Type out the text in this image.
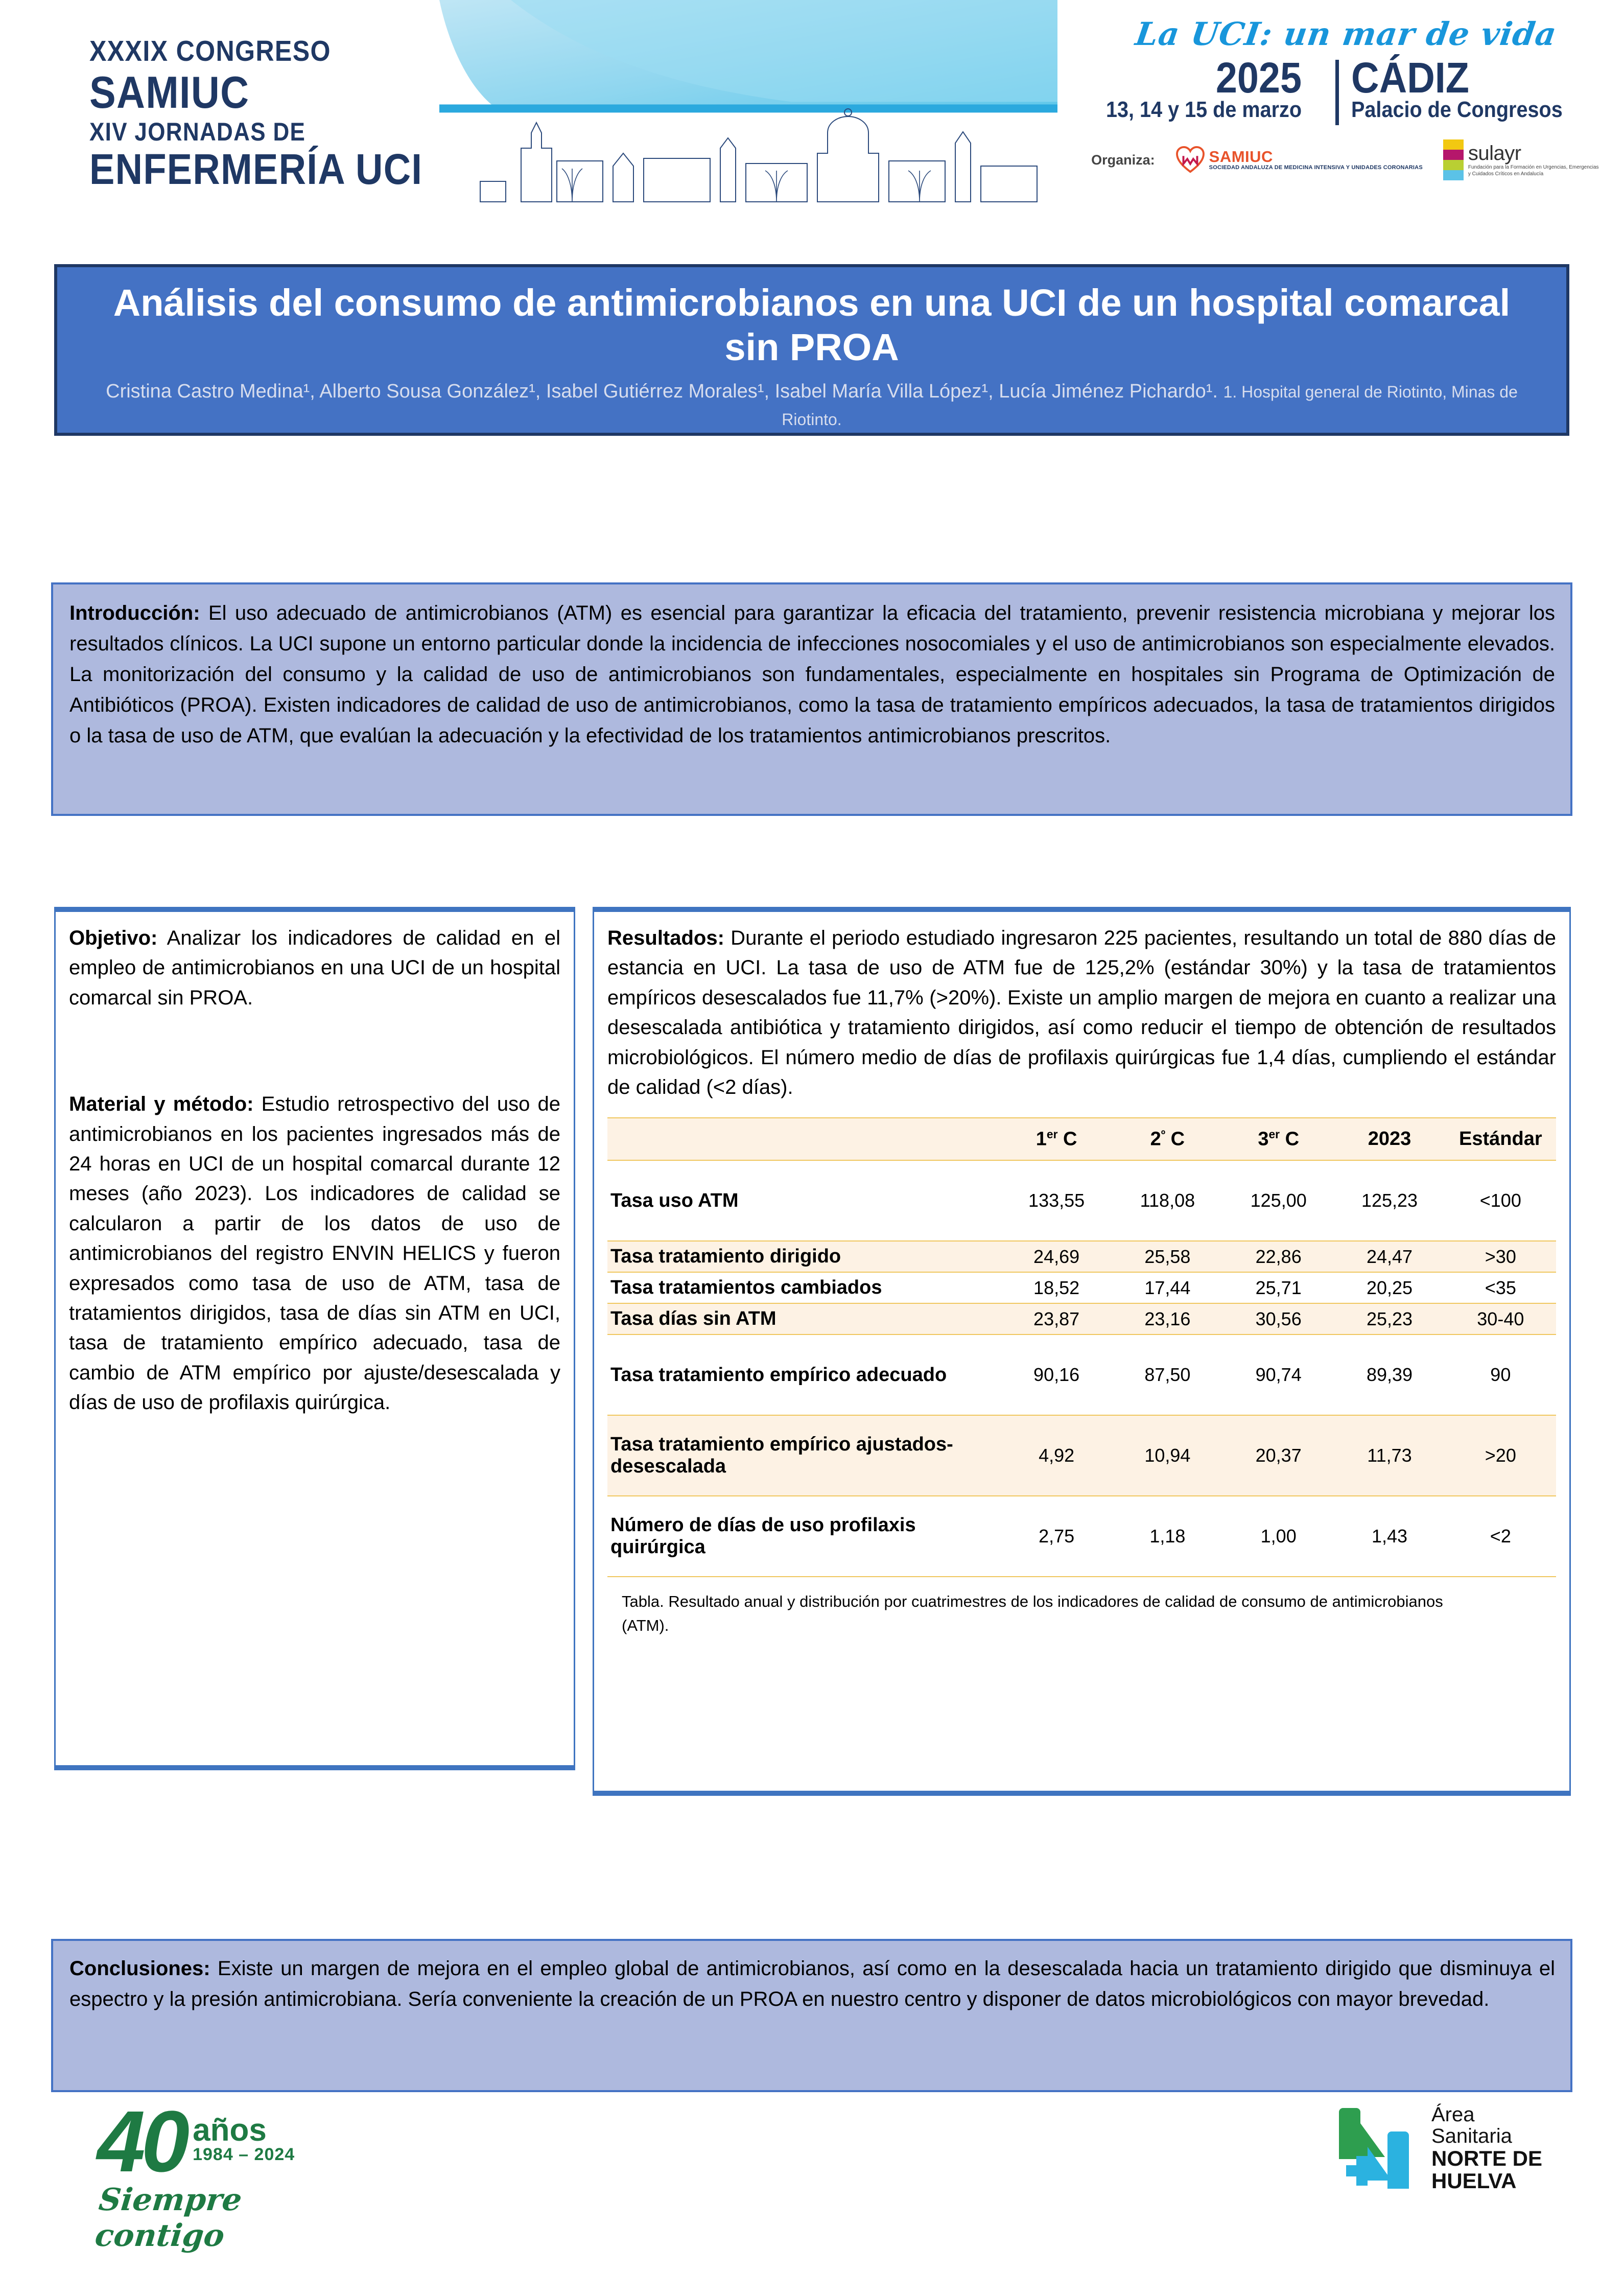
XXXIX CONGRESO
SAMIUC
XIV JORNADAS DE
ENFERMERÍA UCI
La UCI: un mar de vida
2025
13, 14 y 15 de marzo
CÁDIZ
Palacio de Congresos
Organiza:	SAMIUC
SOCIEDAD ANDALUZA DE MEDICINA INTENSIVA Y UNIDADES CORONARIAS
sulayr
Fundación para la Formación en Urgencias, Emergencias y Cuidados Críticos en Andalucía
Análisis del consumo de antimicrobianos en una UCI de un hospital comarcal sin PROA
Cristina Castro Medina¹, Alberto Sousa González¹, Isabel Gutiérrez Morales¹, Isabel María Villa López¹, Lucía Jiménez Pichardo¹. 1. Hospital general de Riotinto, Minas de Riotinto.

Introducción: El uso adecuado de antimicrobianos (ATM) es esencial para garantizar la eficacia del tratamiento, prevenir resistencia microbiana y mejorar los resultados clínicos. La UCI supone un entorno particular donde la incidencia de infecciones nosocomiales y el uso de antimicrobianos son especialmente elevados. La monitorización del consumo y la calidad de uso de antimicrobianos son fundamentales, especialmente en hospitales sin Programa de Optimización de Antibióticos (PROA). Existen indicadores de calidad de uso de antimicrobianos, como la tasa de tratamiento empíricos adecuados, la tasa de tratamientos dirigidos o la tasa de uso de ATM, que evalúan la adecuación y la efectividad de los tratamientos antimicrobianos prescritos.

Objetivo: Analizar los indicadores de calidad en el empleo de antimicrobianos en una UCI de un hospital comarcal sin PROA.

Material y método: Estudio retrospectivo del uso de antimicrobianos en los pacientes ingresados más de 24 horas en UCI de un hospital comarcal durante 12 meses (año 2023). Los indicadores de calidad se calcularon a partir de los datos de uso de antimicrobianos del registro ENVIN HELICS y fueron expresados como tasa de uso de ATM, tasa de tratamientos dirigidos, tasa de días sin ATM en UCI, tasa de tratamiento empírico adecuado, tasa de cambio de ATM empírico por ajuste/desescalada y días de uso de profilaxis quirúrgica.

Resultados: Durante el periodo estudiado ingresaron 225 pacientes, resultando un total de 880 días de estancia en UCI. La tasa de uso de ATM fue de 125,2% (estándar 30%) y la tasa de tratamientos empíricos desescalados fue 11,7% (>20%). Existe un amplio margen de mejora en cuanto a realizar una desescalada antibiótica y tratamiento dirigidos, así como reducir el tiempo de obtención de resultados microbiológicos. El número medio de días de profilaxis quirúrgicas fue 1,4 días, cumpliendo el estándar de calidad (<2 días).

	1er C	$2^º$ C	3er C	2023	Estándar
Tasa uso ATM	133,55	118,08	125,00	125,23	<100
Tasa tratamiento dirigido	24,69	25,58	22,86	24,47	>30
Tasa tratamientos cambiados	18,52	17,44	25,71	20,25	<35
Tasa días sin ATM	23,87	23,16	30,56	25,23	30-40
Tasa tratamiento empírico adecuado	90,16	87,50	90,74	89,39	90
Tasa tratamiento empírico ajustados-desescalada	4,92	10,94	20,37	11,73	>20
Número de días de uso profilaxis quirúrgica	2,75	1,18	1,00	1,43	<2
Tabla. Resultado anual y distribución por cuatrimestres de los indicadores de calidad de consumo de antimicrobianos (ATM).

Conclusiones: Existe un margen de mejora en el empleo global de antimicrobianos, así como en la desescalada hacia un tratamiento dirigido que disminuya el espectro y la presión antimicrobiana. Sería conveniente la creación de un PROA en nuestro centro y disponer de datos microbiológicos con mayor brevedad.

40 años
1984 – 2024
Siempre contigo
Área
Sanitaria
NORTE DE
HUELVA
